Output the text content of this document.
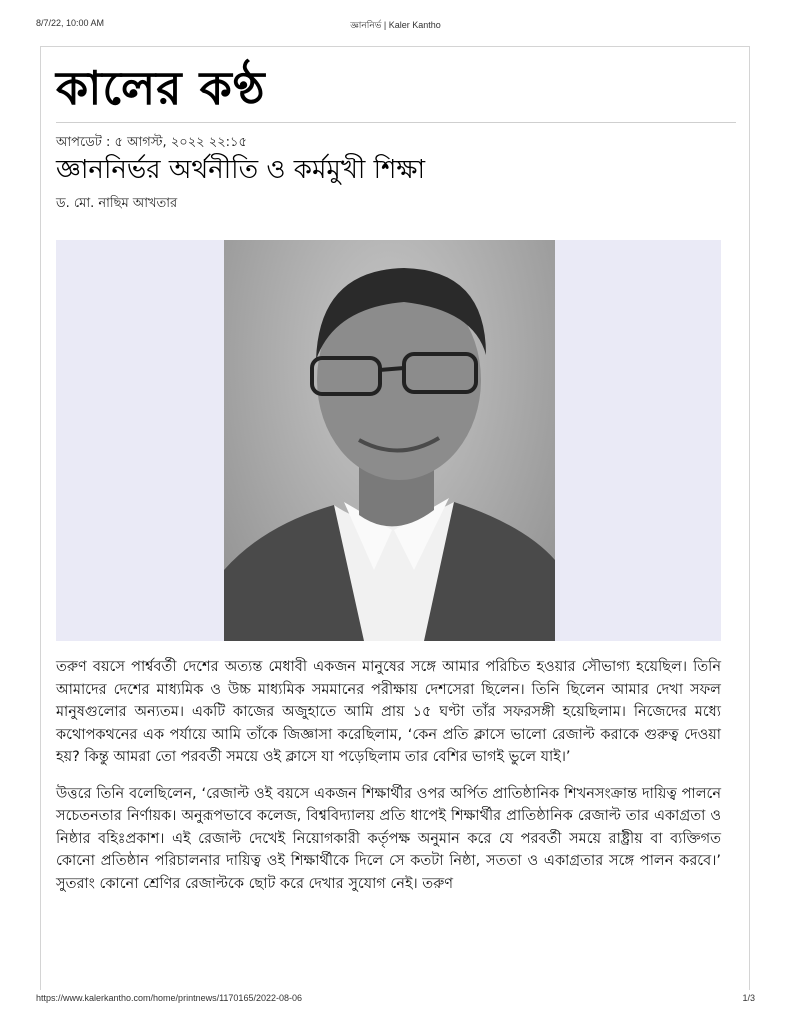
8/7/22, 10:00 AM	জ্ঞাননির্ভ | Kaler Kantho
কালের কণ্ঠ
আপডেট : ৫ আগস্ট, ২০২২ ২২:১৫
জ্ঞাননির্ভর অর্থনীতি ও কর্মমুখী শিক্ষা
ড. মো. নাছিম আখতার

তরুণ বয়সে পার্শ্ববর্তী দেশের অত্যন্ত মেধাবী একজন মানুষের সঙ্গে আমার পরিচিত হওয়ার সৌভাগ্য হয়েছিল। তিনি আমাদের দেশের মাধ্যমিক ও উচ্চ মাধ্যমিক সমমানের পরীক্ষায় দেশসেরা ছিলেন। তিনি ছিলেন আমার দেখা সফল মানুষগুলোর অন্যতম। একটি কাজের অজুহাতে আমি প্রায় ১৫ ঘণ্টা তাঁর সফরসঙ্গী হয়েছিলাম। নিজেদের মধ্যে কথোপকথনের এক পর্যায়ে আমি তাঁকে জিজ্ঞাসা করেছিলাম, ‘কেন প্রতি ক্লাসে ভালো রেজাল্ট করাকে গুরুত্ব দেওয়া হয়? কিন্তু আমরা তো পরবর্তী সময়ে ওই ক্লাসে যা পড়েছিলাম তার বেশির ভাগই ভুলে যাই।’

উত্তরে তিনি বলেছিলেন, ‘রেজাল্ট ওই বয়সে একজন শিক্ষার্থীর ওপর অর্পিত প্রাতিষ্ঠানিক শিখনসংক্রান্ত দায়িত্ব পালনে সচেতনতার নির্ণায়ক। অনুরূপভাবে কলেজ, বিশ্ববিদ্যালয় প্রতি ধাপেই শিক্ষার্থীর প্রাতিষ্ঠানিক রেজাল্ট তার একাগ্রতা ও নিষ্ঠার বহিঃপ্রকাশ। এই রেজাল্ট দেখেই নিয়োগকারী কর্তৃপক্ষ অনুমান করে যে পরবর্তী সময়ে রাষ্ট্রীয় বা ব্যক্তিগত কোনো প্রতিষ্ঠান পরিচালনার দায়িত্ব ওই শিক্ষার্থীকে দিলে সে কতটা নিষ্ঠা, সততা ও একাগ্রতার সঙ্গে পালন করবে।’ সুতরাং কোনো শ্রেণির রেজাল্টকে ছোট করে দেখার সুযোগ নেই। তরুণ

https://www.kalerkantho.com/home/printnews/1170165/2022-08-06	1/3
